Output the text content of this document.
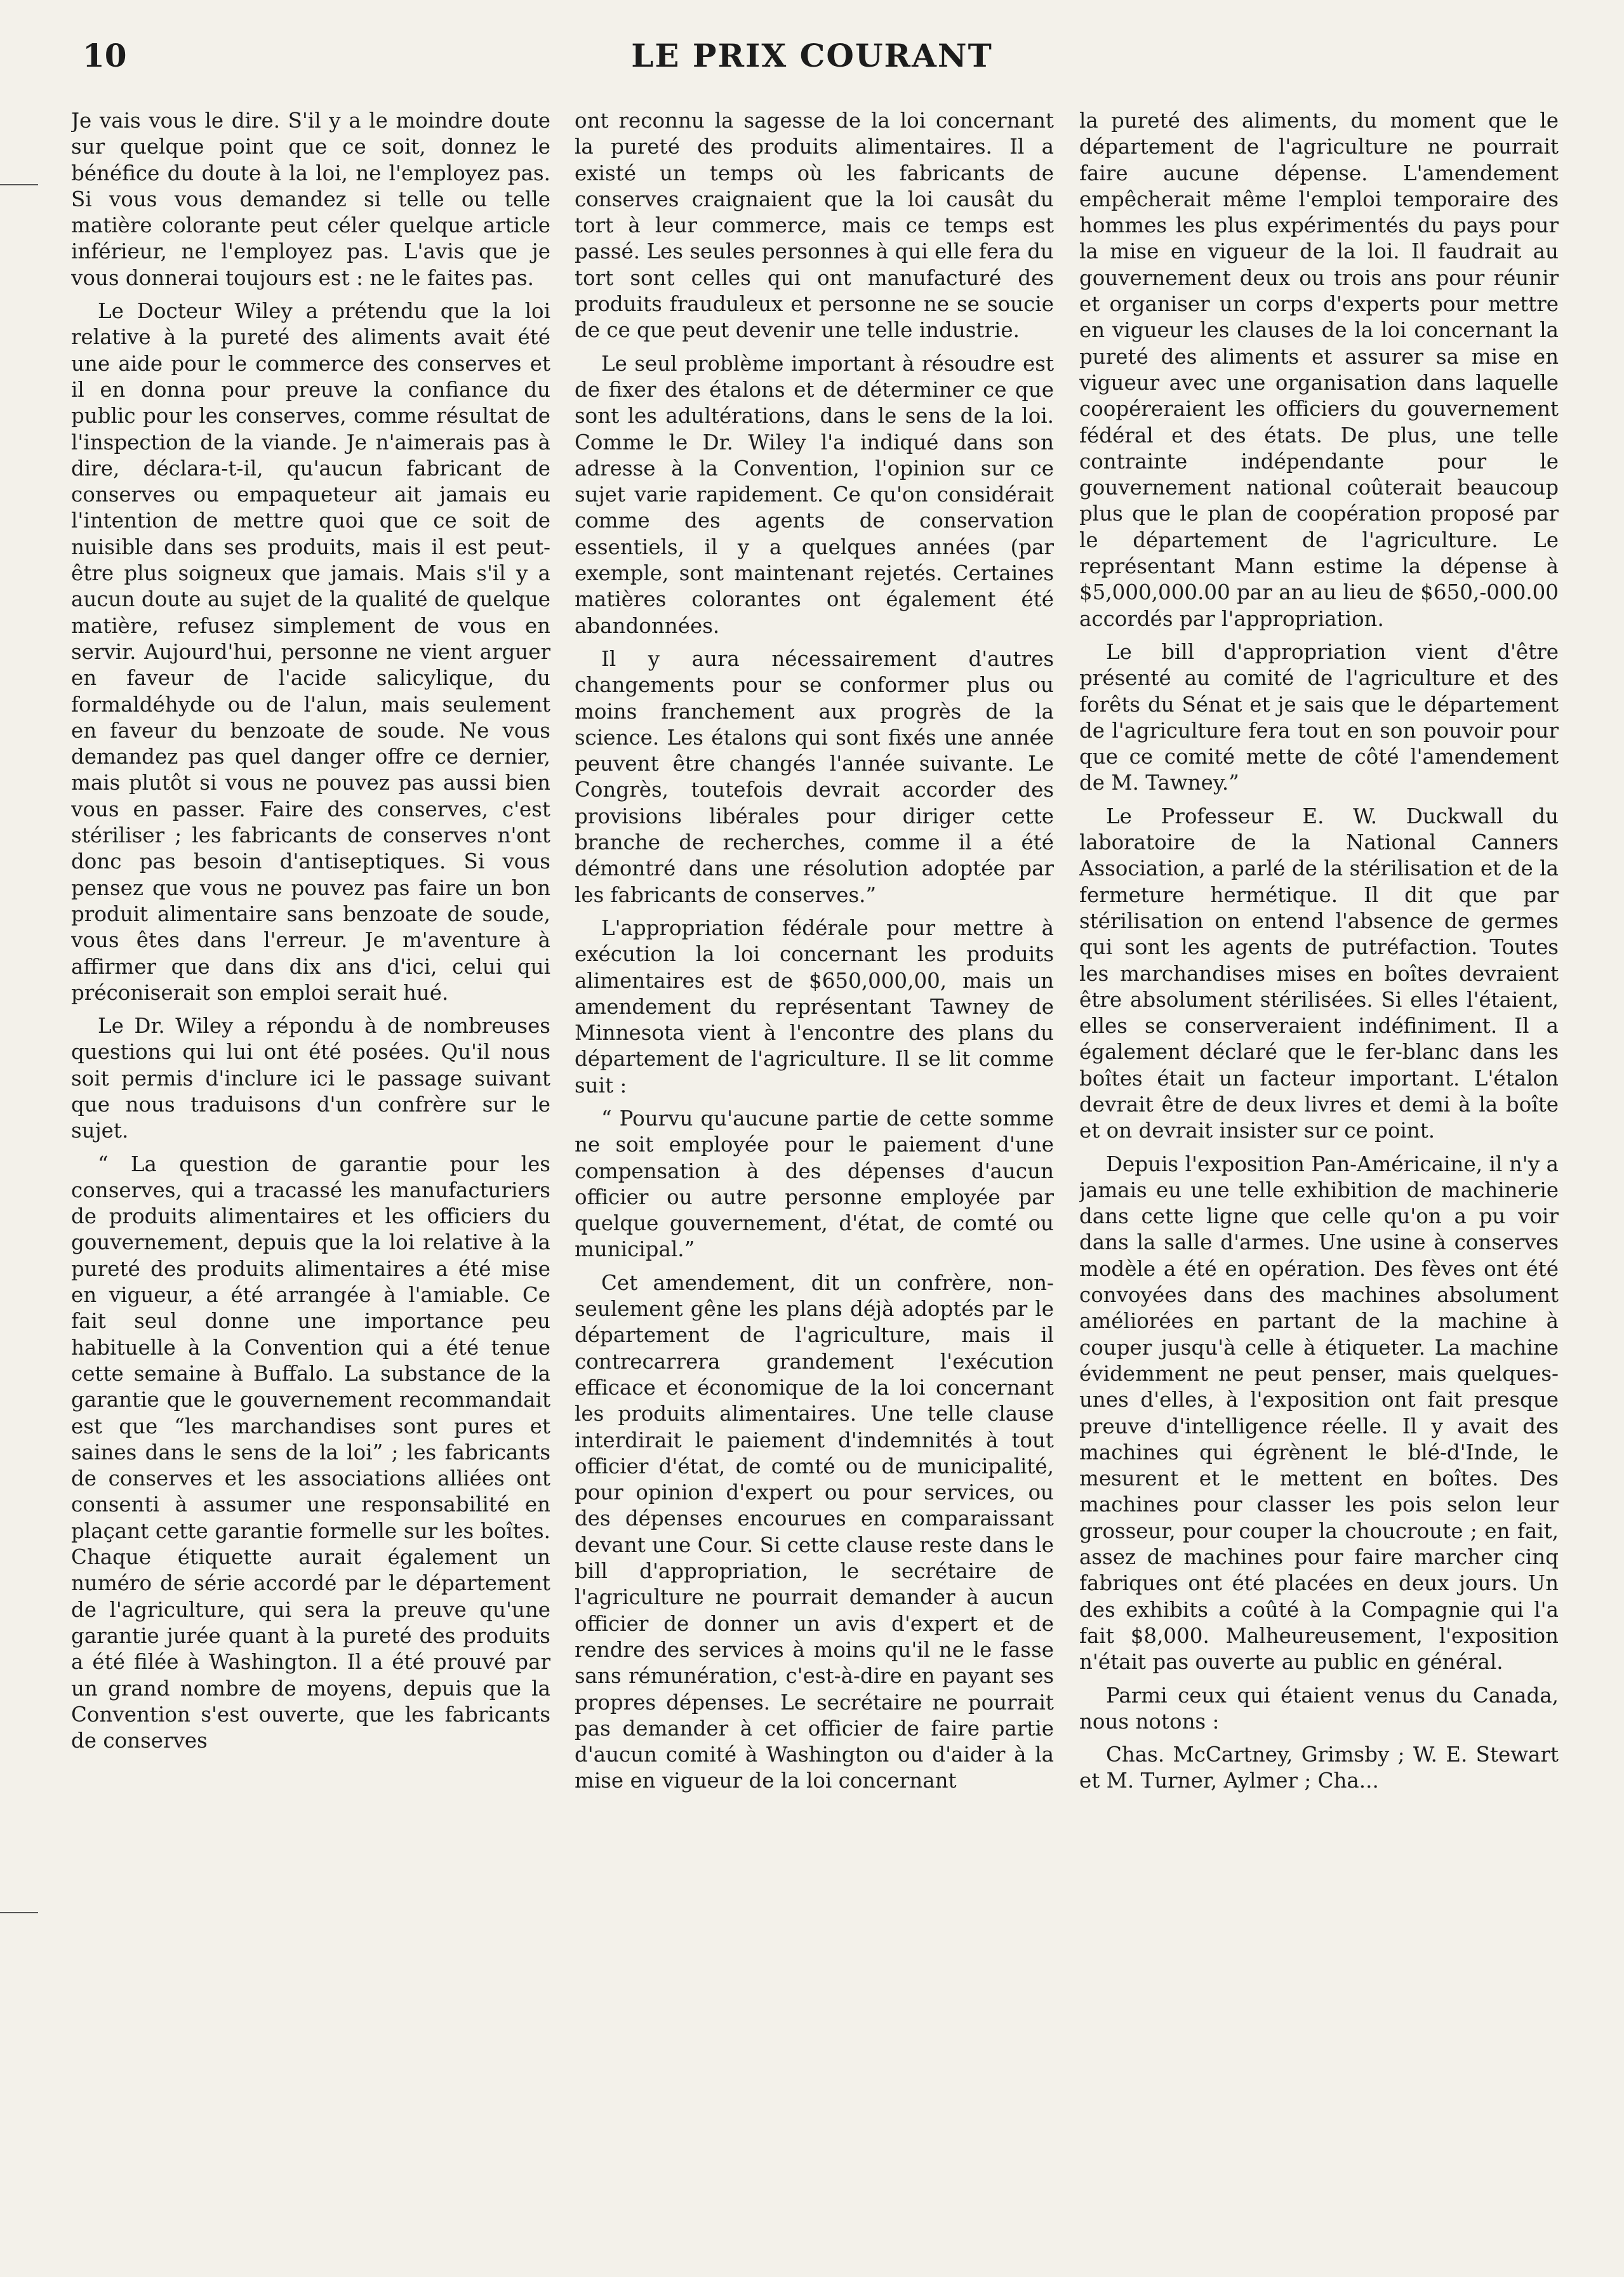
10	LE PRIX COURANT

Je vais vous le dire. S'il y a le moindre doute sur quelque point que ce soit, donnez le bénéfice du doute à la loi, ne l'employez pas. Si vous vous demandez si telle ou telle matière colorante peut céler quelque article inférieur, ne l'employez pas. L'avis que je vous donnerai toujours est : ne le faites pas.

Le Docteur Wiley a prétendu que la loi relative à la pureté des aliments avait été une aide pour le commerce des conserves et il en donna pour preuve la confiance du public pour les conserves, comme résultat de l'inspection de la viande. Je n'aimerais pas à dire, déclara-t-il, qu'aucun fabricant de conserves ou empaqueteur ait jamais eu l'intention de mettre quoi que ce soit de nuisible dans ses produits, mais il est peut-être plus soigneux que jamais. Mais s'il y a aucun doute au sujet de la qualité de quelque matière, refusez simplement de vous en servir. Aujourd'hui, personne ne vient arguer en faveur de l'acide salicylique, du formaldéhyde ou de l'alun, mais seulement en faveur du benzoate de soude. Ne vous demandez pas quel danger offre ce dernier, mais plutôt si vous ne pouvez pas aussi bien vous en passer. Faire des conserves, c'est stériliser ; les fabricants de conserves n'ont donc pas besoin d'antiseptiques. Si vous pensez que vous ne pouvez pas faire un bon produit alimentaire sans benzoate de soude, vous êtes dans l'erreur. Je m'aventure à affirmer que dans dix ans d'ici, celui qui préconiserait son emploi serait hué.

Le Dr. Wiley a répondu à de nombreuses questions qui lui ont été posées. Qu'il nous soit permis d'inclure ici le passage suivant que nous traduisons d'un confrère sur le sujet.

“ La question de garantie pour les conserves, qui a tracassé les manufacturiers de produits alimentaires et les officiers du gouvernement, depuis que la loi relative à la pureté des produits alimentaires a été mise en vigueur, a été arrangée à l'amiable. Ce fait seul donne une importance peu habituelle à la Convention qui a été tenue cette semaine à Buffalo. La substance de la garantie que le gouvernement recommandait est que “les marchandises sont pures et saines dans le sens de la loi” ; les fabricants de conserves et les associations alliées ont consenti à assumer une responsabilité en plaçant cette garantie formelle sur les boîtes. Chaque étiquette aurait également un numéro de série accordé par le département de l'agriculture, qui sera la preuve qu'une garantie jurée quant à la pureté des produits a été filée à Washington. Il a été prouvé par un grand nombre de moyens, depuis que la Convention s'est ouverte, que les fabricants de conserves

ont reconnu la sagesse de la loi concernant la pureté des produits alimentaires. Il a existé un temps où les fabricants de conserves craignaient que la loi causât du tort à leur commerce, mais ce temps est passé. Les seules personnes à qui elle fera du tort sont celles qui ont manufacturé des produits frauduleux et personne ne se soucie de ce que peut devenir une telle industrie.

Le seul problème important à résoudre est de fixer des étalons et de déterminer ce que sont les adultérations, dans le sens de la loi. Comme le Dr. Wiley l'a indiqué dans son adresse à la Convention, l'opinion sur ce sujet varie rapidement. Ce qu'on considérait comme des agents de conservation essentiels, il y a quelques années (par exemple, sont maintenant rejetés. Certaines matières colorantes ont également été abandonnées.

Il y aura nécessairement d'autres changements pour se conformer plus ou moins franchement aux progrès de la science. Les étalons qui sont fixés une année peuvent être changés l'année suivante. Le Congrès, toutefois devrait accorder des provisions libérales pour diriger cette branche de recherches, comme il a été démontré dans une résolution adoptée par les fabricants de conserves.”

L'appropriation fédérale pour mettre à exécution la loi concernant les produits alimentaires est de $650,000,00, mais un amendement du représentant Tawney de Minnesota vient à l'encontre des plans du département de l'agriculture. Il se lit comme suit :

“ Pourvu qu'aucune partie de cette somme ne soit employée pour le paiement d'une compensation à des dépenses d'aucun officier ou autre personne employée par quelque gouvernement, d'état, de comté ou municipal.”

Cet amendement, dit un confrère, non-seulement gêne les plans déjà adoptés par le département de l'agriculture, mais il contrecarrera grandement l'exécution efficace et économique de la loi concernant les produits alimentaires. Une telle clause interdirait le paiement d'indemnités à tout officier d'état, de comté ou de municipalité, pour opinion d'expert ou pour services, ou des dépenses encourues en comparaissant devant une Cour. Si cette clause reste dans le bill d'appropriation, le secrétaire de l'agriculture ne pourrait demander à aucun officier de donner un avis d'expert et de rendre des services à moins qu'il ne le fasse sans rémunération, c'est-à-dire en payant ses propres dépenses. Le secrétaire ne pourrait pas demander à cet officier de faire partie d'aucun comité à Washington ou d'aider à la mise en vigueur de la loi concernant

la pureté des aliments, du moment que le département de l'agriculture ne pourrait faire aucune dépense. L'amendement empêcherait même l'emploi temporaire des hommes les plus expérimentés du pays pour la mise en vigueur de la loi. Il faudrait au gouvernement deux ou trois ans pour réunir et organiser un corps d'experts pour mettre en vigueur les clauses de la loi concernant la pureté des aliments et assurer sa mise en vigueur avec une organisation dans laquelle coopéreraient les officiers du gouvernement fédéral et des états. De plus, une telle contrainte indépendante pour le gouvernement national coûterait beaucoup plus que le plan de coopération proposé par le département de l'agriculture. Le représentant Mann estime la dépense à $5,000,000.00 par an au lieu de $650,-000.00 accordés par l'appropriation.

Le bill d'appropriation vient d'être présenté au comité de l'agriculture et des forêts du Sénat et je sais que le département de l'agriculture fera tout en son pouvoir pour que ce comité mette de côté l'amendement de M. Tawney.”

Le Professeur E. W. Duckwall du laboratoire de la National Canners Association, a parlé de la stérilisation et de la fermeture hermétique. Il dit que par stérilisation on entend l'absence de germes qui sont les agents de putréfaction. Toutes les marchandises mises en boîtes devraient être absolument stérilisées. Si elles l'étaient, elles se conserveraient indéfiniment. Il a également déclaré que le fer-blanc dans les boîtes était un facteur important. L'étalon devrait être de deux livres et demi à la boîte et on devrait insister sur ce point.

Depuis l'exposition Pan-Américaine, il n'y a jamais eu une telle exhibition de machinerie dans cette ligne que celle qu'on a pu voir dans la salle d'armes. Une usine à conserves modèle a été en opération. Des fèves ont été convoyées dans des machines absolument améliorées en partant de la machine à couper jusqu'à celle à étiqueter. La machine évidemment ne peut penser, mais quelques-unes d'elles, à l'exposition ont fait presque preuve d'intelligence réelle. Il y avait des machines qui égrènent le blé-d'Inde, le mesurent et le mettent en boîtes. Des machines pour classer les pois selon leur grosseur, pour couper la choucroute ; en fait, assez de machines pour faire marcher cinq fabriques ont été placées en deux jours. Un des exhibits a coûté à la Compagnie qui l'a fait $8,000. Malheureusement, l'exposition n'était pas ouverte au public en général.

Parmi ceux qui étaient venus du Canada, nous notons :

Chas. McCartney, Grimsby ; W. E. Stewart et M. Turner, Aylmer ; Cha...
